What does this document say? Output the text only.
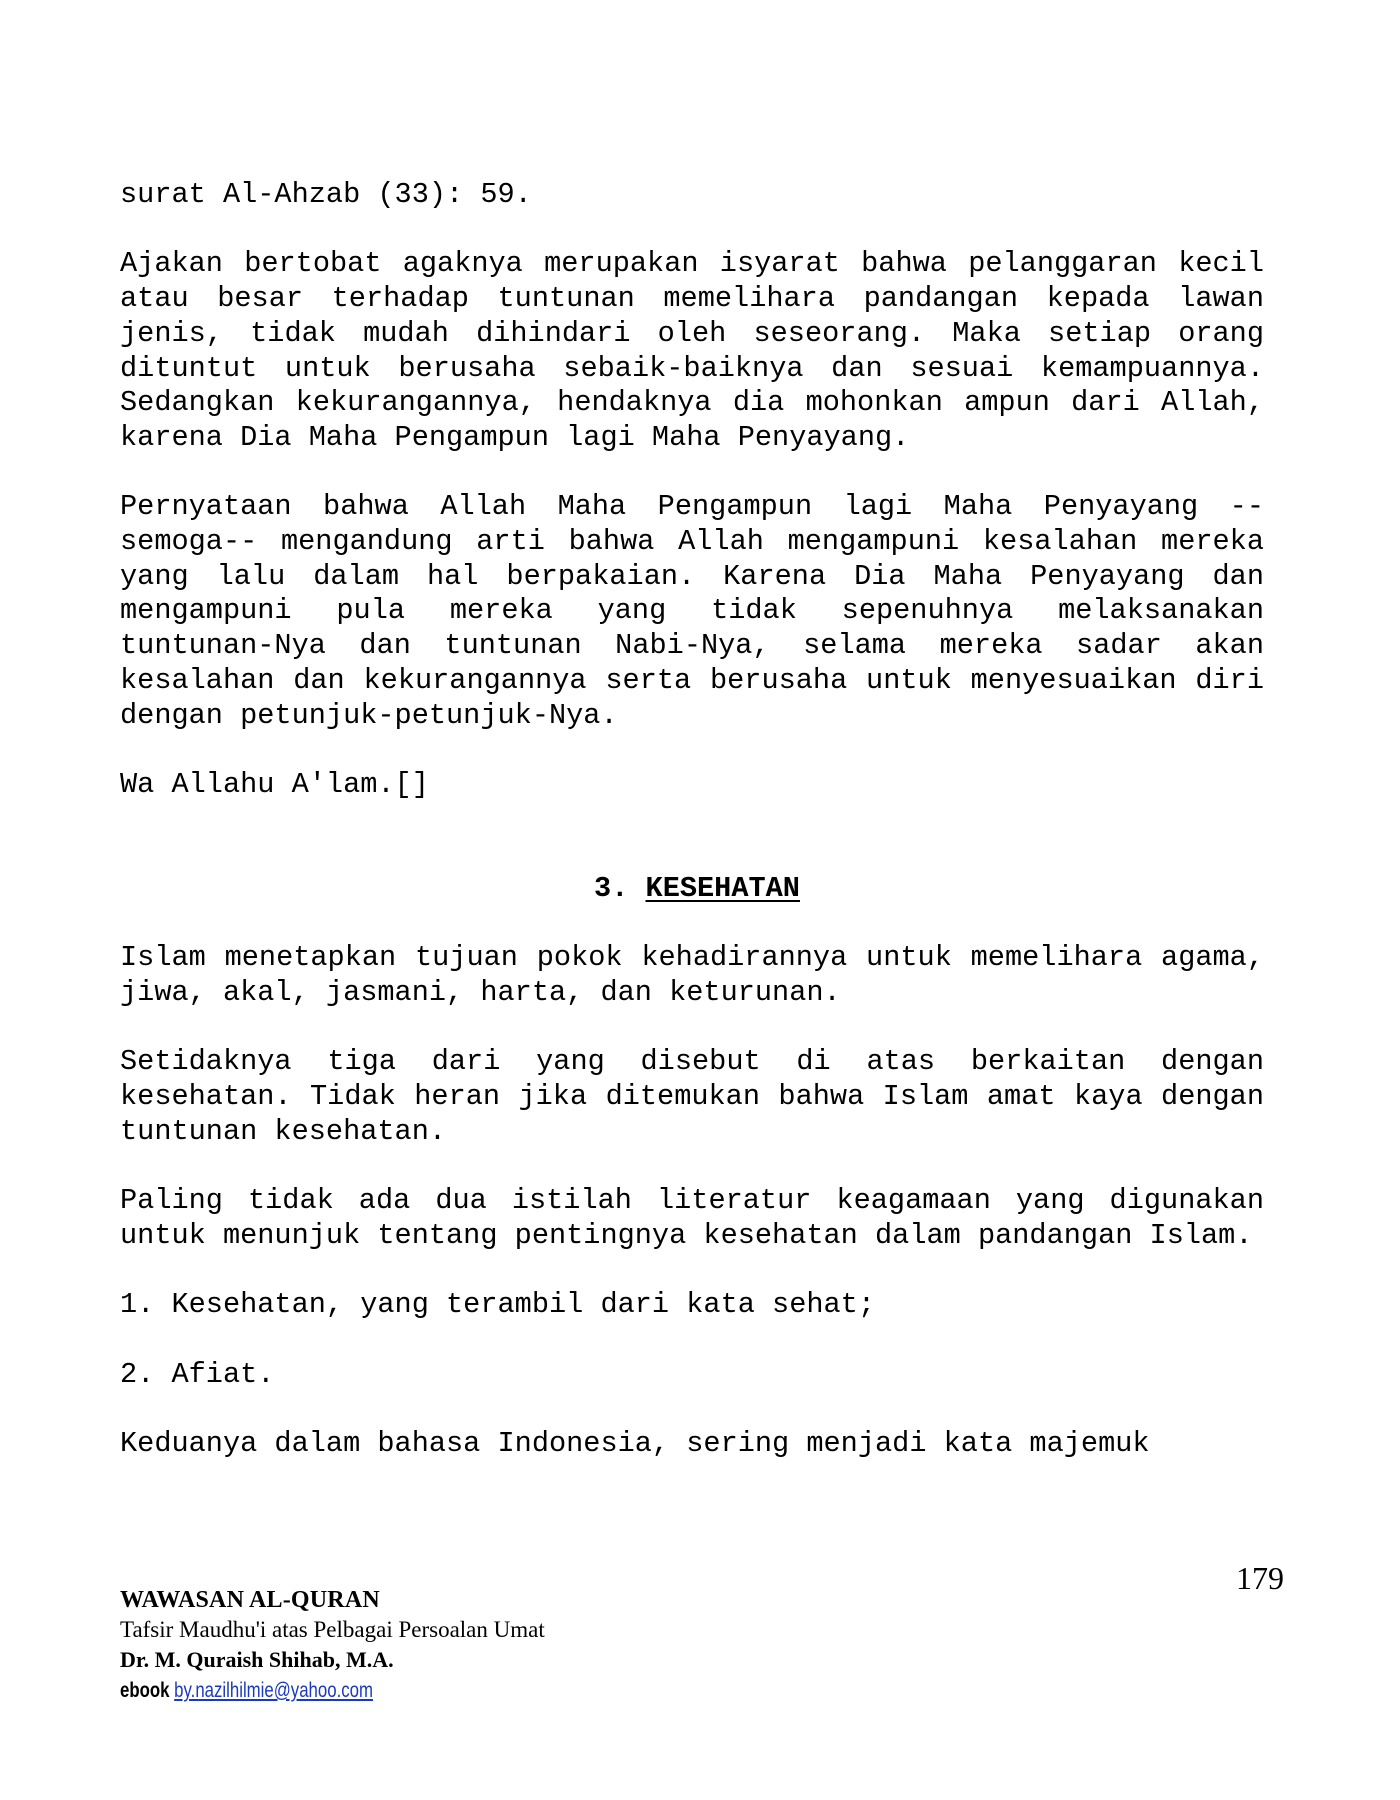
surat Al-Ahzab (33): 59.
Ajakan bertobat agaknya merupakan isyarat bahwa pelanggaran kecil atau besar terhadap tuntunan memelihara pandangan kepada lawan jenis, tidak mudah dihindari oleh seseorang. Maka setiap orang dituntut untuk berusaha sebaik-baiknya dan sesuai kemampuannya. Sedangkan kekurangannya, hendaknya dia mohonkan ampun dari Allah, karena Dia Maha Pengampun lagi Maha Penyayang.
Pernyataan bahwa Allah Maha Pengampun lagi Maha Penyayang --semoga-- mengandung arti bahwa Allah mengampuni kesalahan mereka yang lalu dalam hal berpakaian. Karena Dia Maha Penyayang dan mengampuni pula mereka yang tidak sepenuhnya melaksanakan tuntunan-Nya dan tuntunan Nabi-Nya, selama mereka sadar akan kesalahan dan kekurangannya serta berusaha untuk menyesuaikan diri dengan petunjuk-petunjuk-Nya.
Wa Allahu A'lam.[]
3. KESEHATAN
Islam menetapkan tujuan pokok kehadirannya untuk memelihara agama, jiwa, akal, jasmani, harta, dan keturunan.
Setidaknya tiga dari yang disebut di atas berkaitan dengan kesehatan. Tidak heran jika ditemukan bahwa Islam amat kaya dengan tuntunan kesehatan.
Paling tidak ada dua istilah literatur keagamaan yang digunakan untuk menunjuk tentang pentingnya kesehatan dalam pandangan Islam.
1. Kesehatan, yang terambil dari kata sehat;
2. Afiat.
Keduanya dalam bahasa Indonesia, sering menjadi kata majemuk
179
WAWASAN AL-QURAN
Tafsir Maudhu'i atas Pelbagai Persoalan Umat
Dr. M. Quraish Shihab, M.A.
ebook by.nazilhilmie@yahoo.com
